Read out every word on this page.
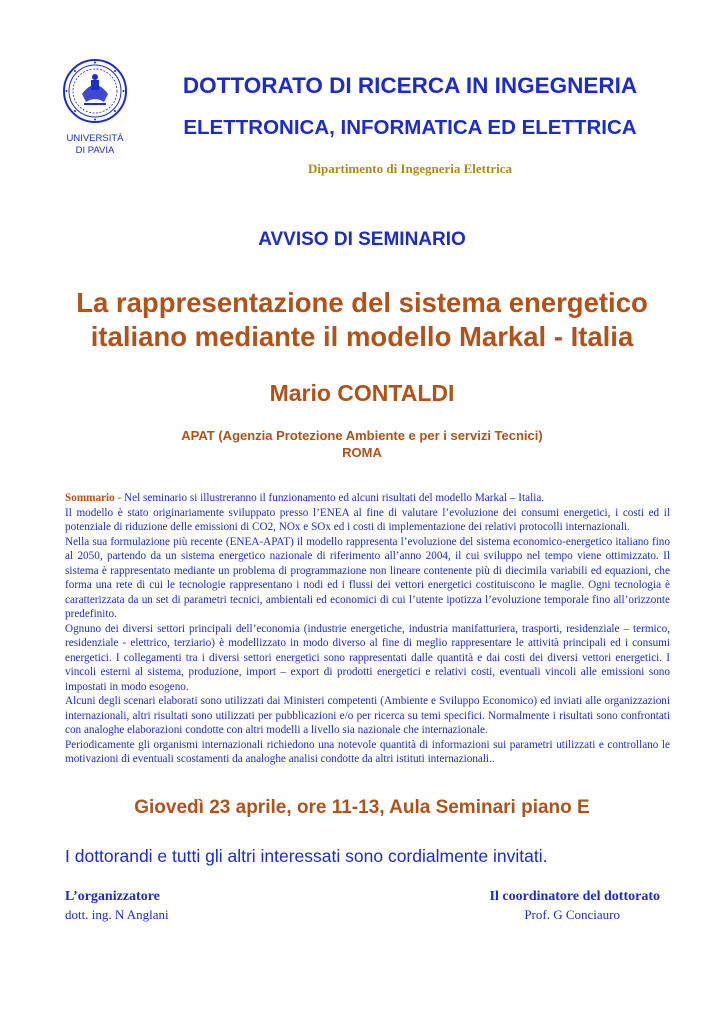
UNIVERSITÀ
DI PAVIA
DOTTORATO DI RICERCA IN INGEGNERIA
ELETTRONICA, INFORMATICA ED ELETTRICA
Dipartimento di Ingegneria Elettrica
AVVISO DI SEMINARIO
La rappresentazione del sistema energetico
italiano mediante il modello Markal - Italia
Mario CONTALDI
APAT (Agenzia Protezione Ambiente e per i servizi Tecnici)
ROMA

Sommario - Nel seminario si illustreranno il funzionamento ed alcuni risultati del modello Markal – Italia.

Il modello è stato originariamente sviluppato presso l’ENEA al fine di valutare l’evoluzione dei consumi energetici, i costi ed il potenziale di riduzione delle emissioni di CO2, NOx e SOx ed i costi di implementazione dei relativi protocolli internazionali.

Nella sua formulazione più recente (ENEA-APAT) il modello rappresenta l’evoluzione del sistema economico-energetico italiano fino al 2050, partendo da un sistema energetico nazionale di riferimento all’anno 2004, il cui sviluppo nel tempo viene ottimizzato. Il sistema è rappresentato mediante un problema di programmazione non lineare contenente più di diecimila variabili ed equazioni, che forma una rete di cui le tecnologie rappresentano i nodi ed i flussi dei vettori energetici costituiscono le maglie. Ogni tecnologia è caratterizzata da un set di parametri tecnici, ambientali ed economici di cui l’utente ipotizza l’evoluzione temporale fino all’orizzonte predefinito.

Ognuno dei diversi settori principali dell’economia (industrie energetiche, industria manifatturiera, trasporti, residenziale – termico, residenziale - elettrico, terziario) è modellizzato in modo diverso al fine di meglio rappresentare le attività principali ed i consumi energetici. I collegamenti tra i diversi settori energetici sono rappresentati dalle quantità e dai costi dei diversi vettori energetici. I vincoli esterni al sistema, produzione, import – export di prodotti energetici e relativi costi, eventuali vincoli alle emissioni sono impostati in modo esogeno.

Alcuni degli scenari elaborati sono utilizzati dai Ministeri competenti (Ambiente e Sviluppo Economico) ed inviati alle organizzazioni internazionali, altri risultati sono utilizzati per pubblicazioni e/o per ricerca su temi specifici. Normalmente i risultati sono confrontati con analoghe elaborazioni condotte con altri modelli a livello sia nazionale che internazionale.

Periodicamente gli organismi internazionali richiedono una notevole quantità di informazioni sui parametri utilizzati e controllano le motivazioni di eventuali scostamenti da analoghe analisi condotte da altri istituti internazionali..

Giovedì 23 aprile, ore 11-13, Aula Seminari piano E
I dottorandi e tutti gli altri interessati sono cordialmente invitati.
L’organizzatore
dott. ing. N Anglani
Il coordinatore del dottorato
Prof. G Conciauro
